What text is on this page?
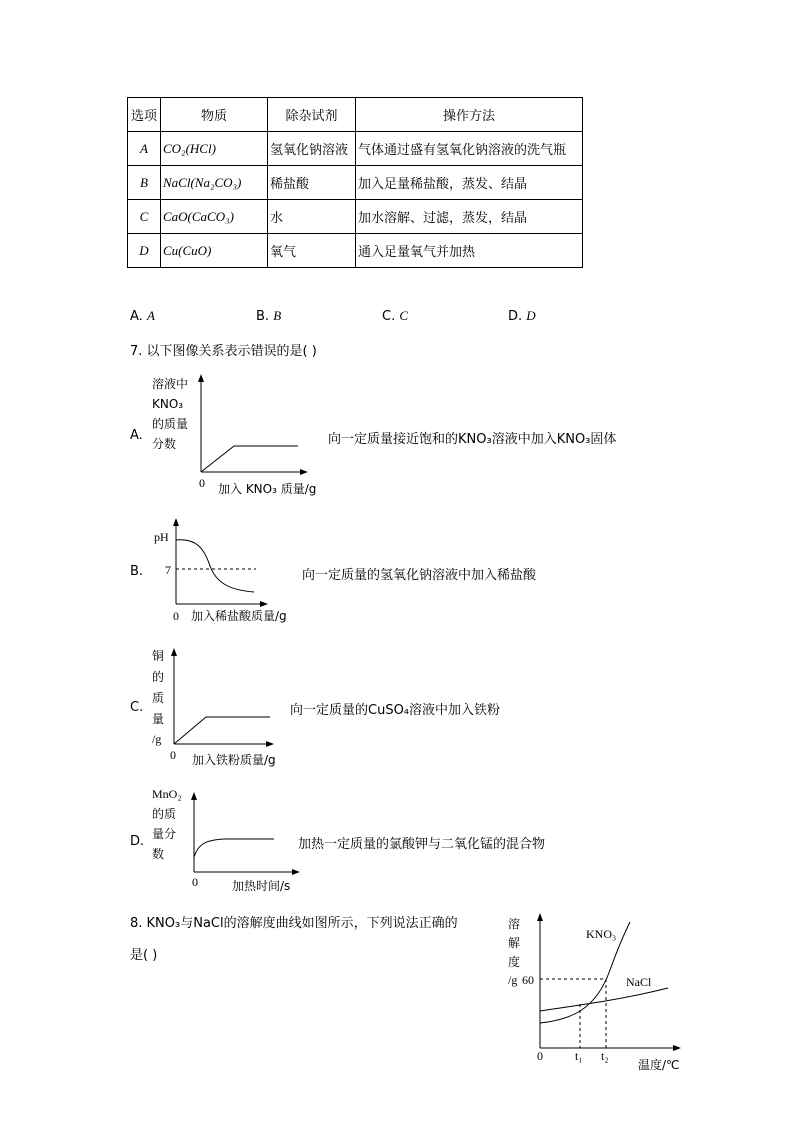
选项	物质	除杂试剂	操作方法
A	CO₂(HCl)	氢氧化钠溶液	气体通过盛有氢氧化钠溶液的洗气瓶
B	NaCl(Na₂CO₃)	稀盐酸	加入足量稀盐酸，蒸发、结晶
C	CaO(CaCO₃)	水	加水溶解、过滤，蒸发，结晶
D	Cu(CuO)	氧气	通入足量氧气并加热
A. A	B. B	C. C	D. D
7. 以下图像关系表示错误的是( )
A.
溶液中
KNO₃
的质量
分数
0 加入 KNO₃ 质量/g
向一定质量接近饱和的KNO₃溶液中加入KNO₃固体
B.
pH
7
0 加入稀盐酸质量/g
向一定质量的氢氧化钠溶液中加入稀盐酸
C.
铜
的
质
量
/g
0 加入铁粉质量/g
向一定质量的CuSO₄溶液中加入铁粉
D.
MnO₂
的质
量分
数
0	加热时间/s
加热一定质量的氯酸钾与二氧化锰的混合物
8. KNO₃与NaCl的溶解度曲线如图所示，下列说法正确的
是( )
溶
解
度
/g 60
KNO₃
NaCl
0	t₁ t₂
温度/℃
